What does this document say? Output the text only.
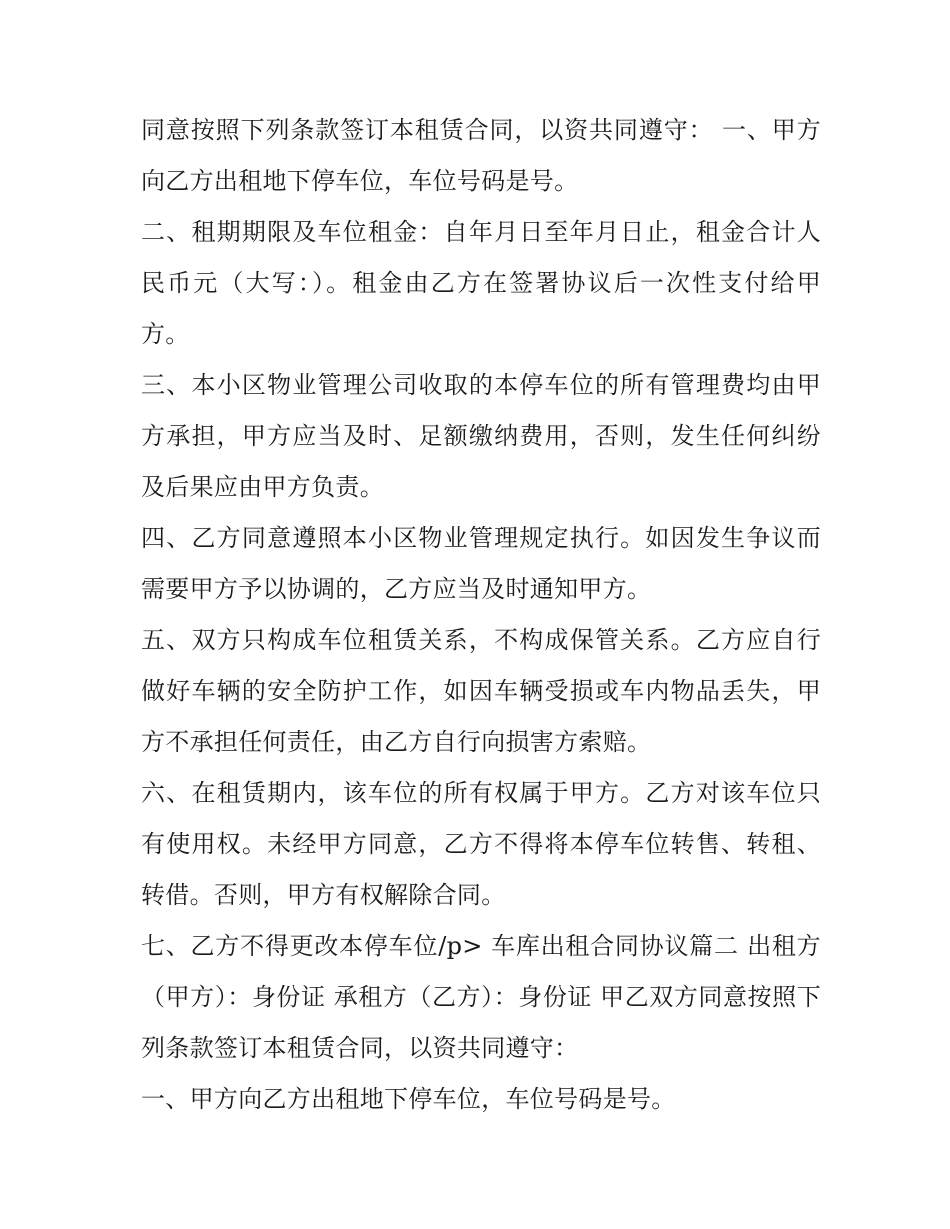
同意按照下列条款签订本租赁合同，以资共同遵守： 一、甲方向乙方出租地下停车位，车位号码是号。

二、租期期限及车位租金：自年月日至年月日止，租金合计人民币元（大写：）。租金由乙方在签署协议后一次性支付给甲方。

三、本小区物业管理公司收取的本停车位的所有管理费均由甲方承担，甲方应当及时、足额缴纳费用，否则，发生任何纠纷及后果应由甲方负责。

四、乙方同意遵照本小区物业管理规定执行。如因发生争议而需要甲方予以协调的，乙方应当及时通知甲方。

五、双方只构成车位租赁关系，不构成保管关系。乙方应自行做好车辆的安全防护工作，如因车辆受损或车内物品丢失，甲方不承担任何责任，由乙方自行向损害方索赔。

六、在租赁期内，该车位的所有权属于甲方。乙方对该车位只有使用权。未经甲方同意，乙方不得将本停车位转售、转租、转借。否则，甲方有权解除合同。

七、乙方不得更改本停车位/p> 车库出租合同协议篇二 出租方（甲方）：身份证 承租方（乙方）：身份证 甲乙双方同意按照下列条款签订本租赁合同，以资共同遵守：

一、甲方向乙方出租地下停车位，车位号码是号。
